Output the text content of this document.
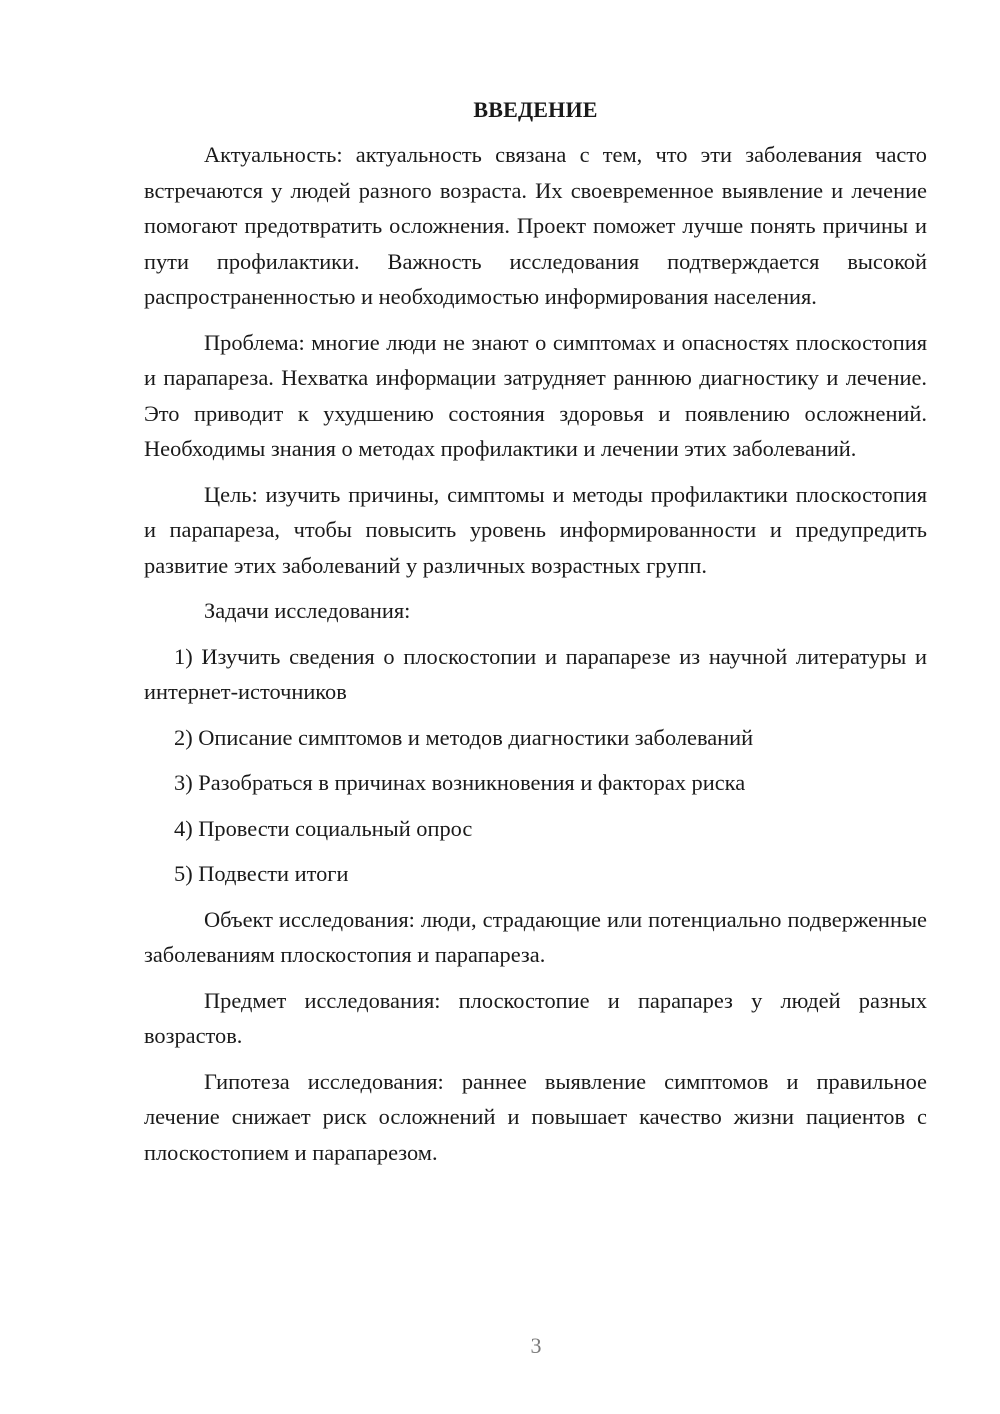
ВВЕДЕНИЕ

Актуальность: актуальность связана с тем, что эти заболевания часто встречаются у людей разного возраста. Их своевременное выявление и лечение помогают предотвратить осложнения. Проект поможет лучше понять причины и пути профилактики. Важность исследования подтверждается высокой распространенностью и необходимостью информирования населения.

Проблема: многие люди не знают о симптомах и опасностях плоскостопия и парапареза. Нехватка информации затрудняет раннюю диагностику и лечение. Это приводит к ухудшению состояния здоровья и появлению осложнений. Необходимы знания о методах профилактики и лечении этих заболеваний.

Цель: изучить причины, симптомы и методы профилактики плоскостопия и парапареза, чтобы повысить уровень информированности и предупредить развитие этих заболеваний у различных возрастных групп.

Задачи исследования:

1) Изучить сведения о плоскостопии и парапарезе из научной литературы и интернет-источников

2) Описание симптомов и методов диагностики заболеваний

3) Разобраться в причинах возникновения и факторах риска

4) Провести социальный опрос

5) Подвести итоги

Объект исследования: люди, страдающие или потенциально подверженные заболеваниям плоскостопия и парапареза.

Предмет исследования: плоскостопие и парапарез у людей разных возрастов.

Гипотеза исследования: раннее выявление симптомов и правильное лечение снижает риск осложнений и повышает качество жизни пациентов с плоскостопием и парапарезом.

3
